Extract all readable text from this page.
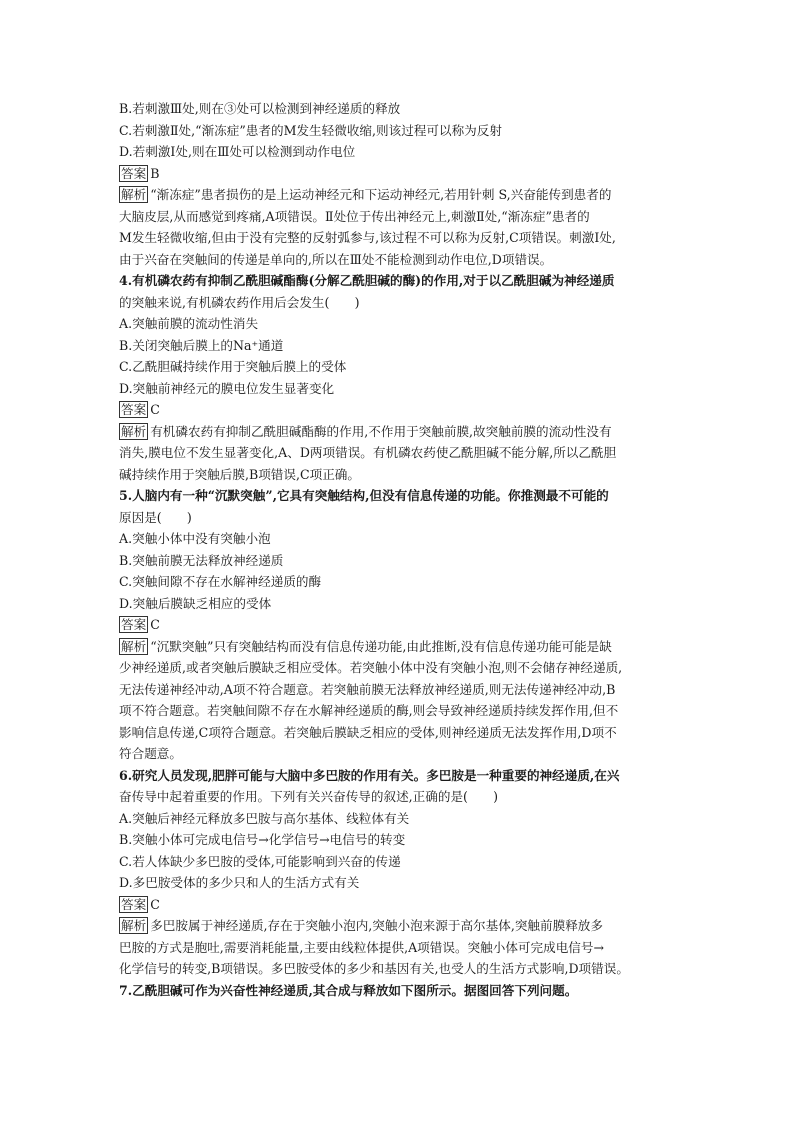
B.若刺激Ⅲ处,则在③处可以检测到神经递质的释放
C.若刺激Ⅱ处,“渐冻症”患者的M发生轻微收缩,则该过程可以称为反射
D.若刺激Ⅰ处,则在Ⅲ处可以检测到动作电位
答案 B
解析 “渐冻症”患者损伤的是上运动神经元和下运动神经元,若用针刺 S,兴奋能传到患者的
大脑皮层,从而感觉到疼痛,A项错误。Ⅱ处位于传出神经元上,刺激Ⅱ处,“渐冻症”患者的
M发生轻微收缩,但由于没有完整的反射弧参与,该过程不可以称为反射,C项错误。刺激Ⅰ处,
由于兴奋在突触间的传递是单向的,所以在Ⅲ处不能检测到动作电位,D项错误。
4.有机磷农药有抑制乙酰胆碱酯酶(分解乙酰胆碱的酶)的作用,对于以乙酰胆碱为神经递质
的突触来说,有机磷农药作用后会发生(　　)
A.突触前膜的流动性消失
B.关闭突触后膜上的Na⁺通道
C.乙酰胆碱持续作用于突触后膜上的受体
D.突触前神经元的膜电位发生显著变化
答案 C
解析 有机磷农药有抑制乙酰胆碱酯酶的作用,不作用于突触前膜,故突触前膜的流动性没有
消失,膜电位不发生显著变化,A、D两项错误。有机磷农药使乙酰胆碱不能分解,所以乙酰胆
碱持续作用于突触后膜,B项错误,C项正确。
5.人脑内有一种“沉默突触”,它具有突触结构,但没有信息传递的功能。你推测最不可能的
原因是(　　)
A.突触小体中没有突触小泡
B.突触前膜无法释放神经递质
C.突触间隙不存在水解神经递质的酶
D.突触后膜缺乏相应的受体
答案 C
解析 “沉默突触”只有突触结构而没有信息传递功能,由此推断,没有信息传递功能可能是缺
少神经递质,或者突触后膜缺乏相应受体。若突触小体中没有突触小泡,则不会储存神经递质,
无法传递神经冲动,A项不符合题意。若突触前膜无法释放神经递质,则无法传递神经冲动,B
项不符合题意。若突触间隙不存在水解神经递质的酶,则会导致神经递质持续发挥作用,但不
影响信息传递,C项符合题意。若突触后膜缺乏相应的受体,则神经递质无法发挥作用,D项不
符合题意。
6.研究人员发现,肥胖可能与大脑中多巴胺的作用有关。多巴胺是一种重要的神经递质,在兴
奋传导中起着重要的作用。下列有关兴奋传导的叙述,正确的是(　　)
A.突触后神经元释放多巴胺与高尔基体、线粒体有关
B.突触小体可完成电信号→化学信号→电信号的转变
C.若人体缺少多巴胺的受体,可能影响到兴奋的传递
D.多巴胺受体的多少只和人的生活方式有关
答案 C
解析 多巴胺属于神经递质,存在于突触小泡内,突触小泡来源于高尔基体,突触前膜释放多
巴胺的方式是胞吐,需要消耗能量,主要由线粒体提供,A项错误。突触小体可完成电信号→
化学信号的转变,B项错误。多巴胺受体的多少和基因有关,也受人的生活方式影响,D项错误。
7.乙酰胆碱可作为兴奋性神经递质,其合成与释放如下图所示。据图回答下列问题。
